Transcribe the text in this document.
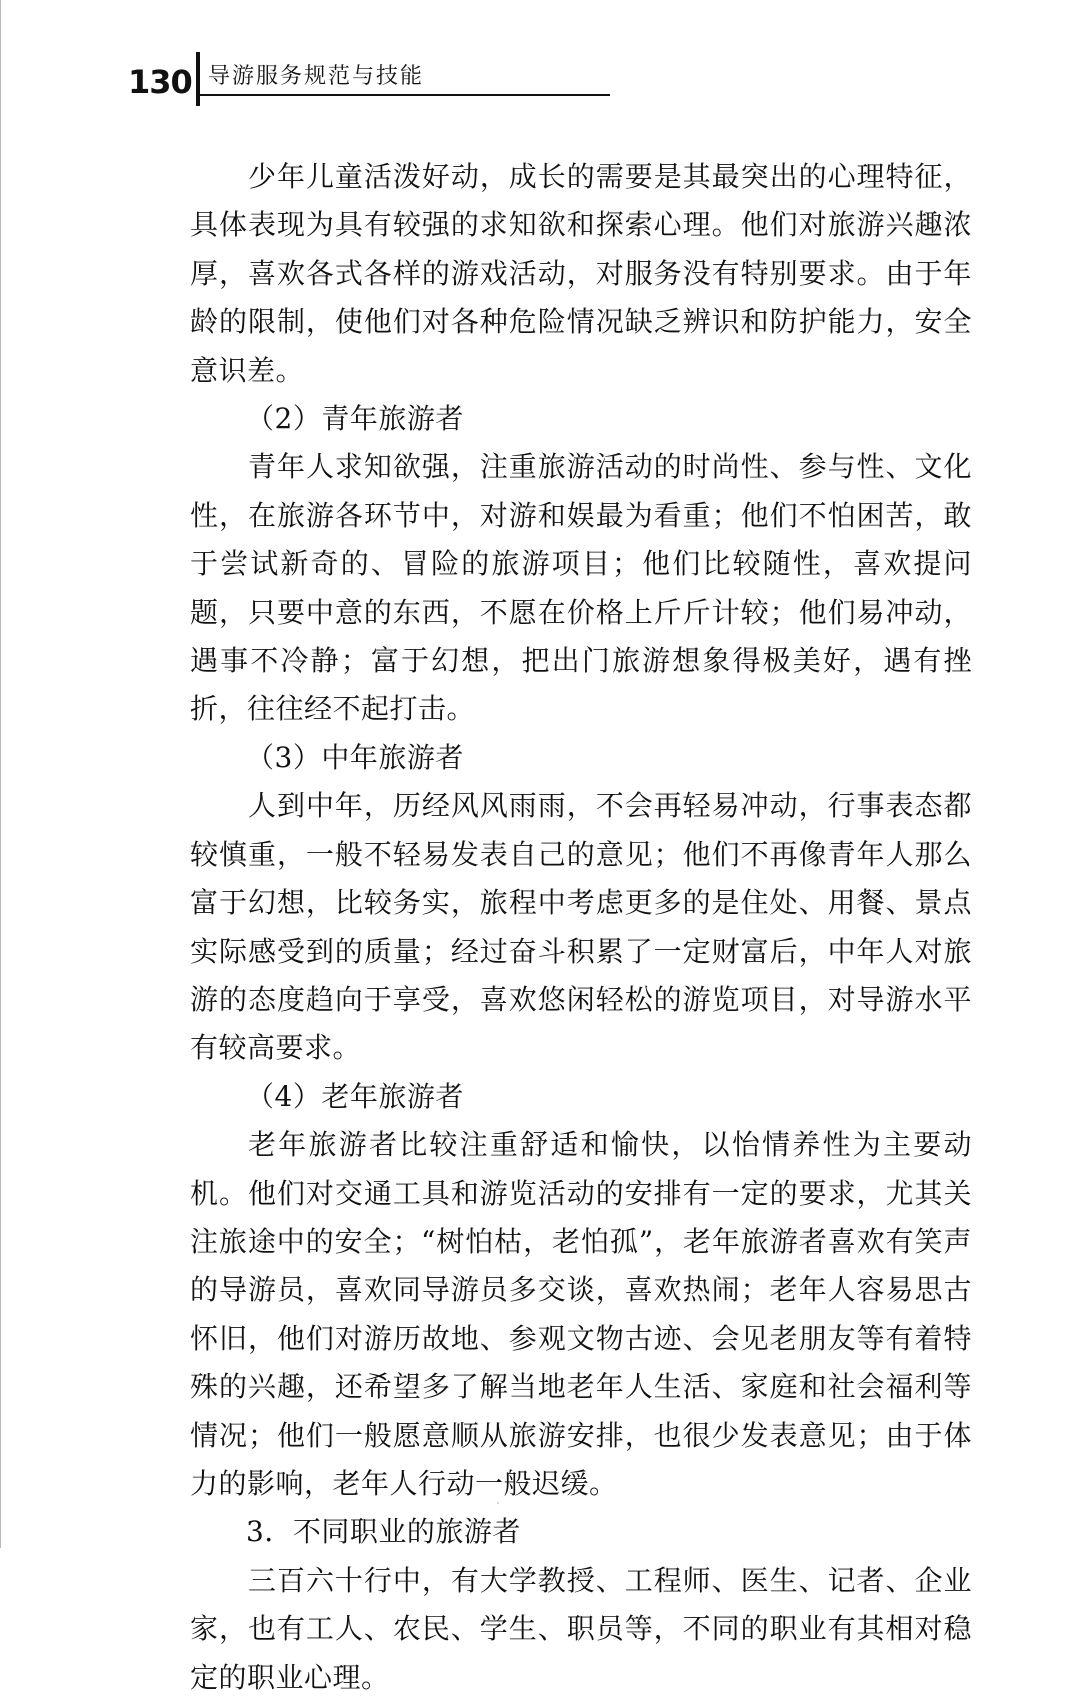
130 导游服务规范与技能

少年儿童活泼好动，成长的需要是其最突出的心理特征，具体表现为具有较强的求知欲和探索心理。他们对旅游兴趣浓厚，喜欢各式各样的游戏活动，对服务没有特别要求。由于年龄的限制，使他们对各种危险情况缺乏辨识和防护能力，安全意识差。

（2）青年旅游者

青年人求知欲强，注重旅游活动的时尚性、参与性、文化性，在旅游各环节中，对游和娱最为看重；他们不怕困苦，敢于尝试新奇的、冒险的旅游项目；他们比较随性，喜欢提问题，只要中意的东西，不愿在价格上斤斤计较；他们易冲动，遇事不冷静；富于幻想，把出门旅游想象得极美好，遇有挫折，往往经不起打击。

（3）中年旅游者

人到中年，历经风风雨雨，不会再轻易冲动，行事表态都较慎重，一般不轻易发表自己的意见；他们不再像青年人那么富于幻想，比较务实，旅程中考虑更多的是住处、用餐、景点实际感受到的质量；经过奋斗积累了一定财富后，中年人对旅游的态度趋向于享受，喜欢悠闲轻松的游览项目，对导游水平有较高要求。

（4）老年旅游者

老年旅游者比较注重舒适和愉快，以怡情养性为主要动机。他们对交通工具和游览活动的安排有一定的要求，尤其关注旅途中的安全；“树怕枯，老怕孤”，老年旅游者喜欢有笑声的导游员，喜欢同导游员多交谈，喜欢热闹；老年人容易思古怀旧，他们对游历故地、参观文物古迹、会见老朋友等有着特殊的兴趣，还希望多了解当地老年人生活、家庭和社会福利等情况；他们一般愿意顺从旅游安排，也很少发表意见；由于体力的影响，老年人行动一般迟缓。

3．不同职业的旅游者

三百六十行中，有大学教授、工程师、医生、记者、企业家，也有工人、农民、学生、职员等，不同的职业有其相对稳定的职业心理。
